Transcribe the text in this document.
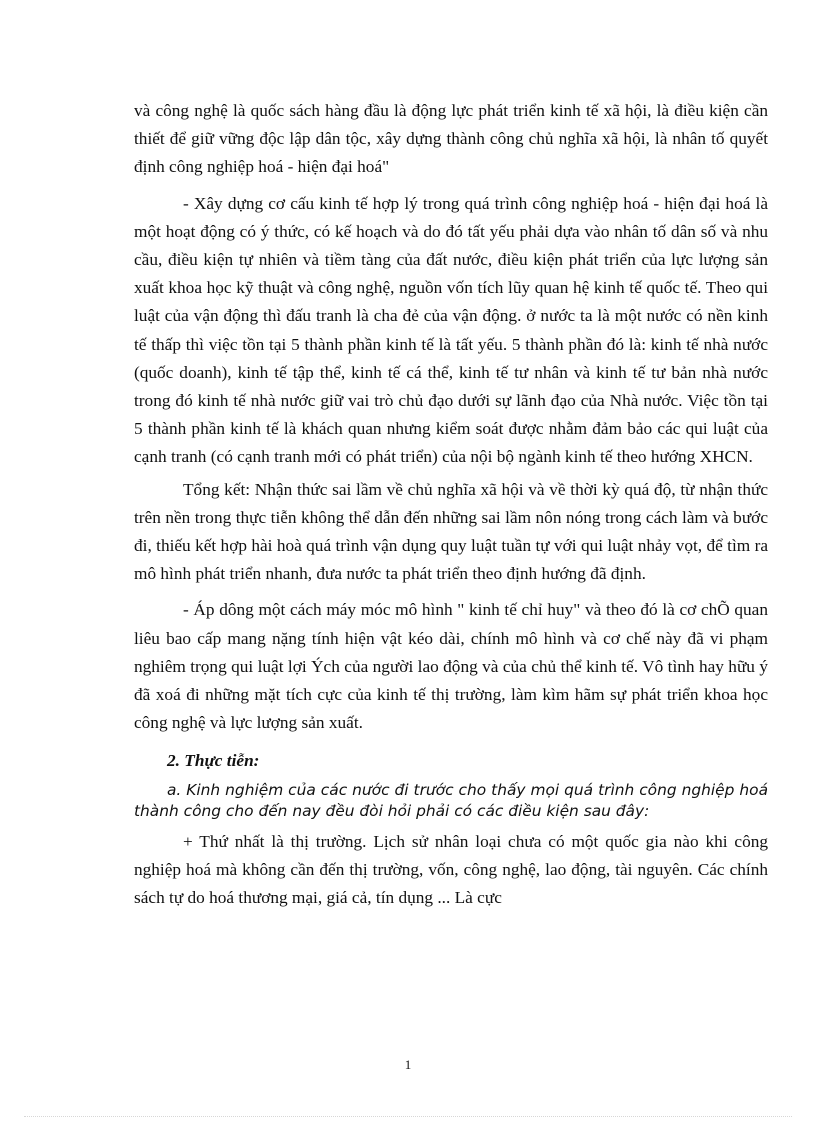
và công nghệ là quốc sách hàng đầu là động lực phát triển kinh tế xã hội, là điều kiện cần thiết để giữ vững độc lập dân tộc, xây dựng thành công chủ nghĩa xã hội, là nhân tố quyết định công nghiệp hoá - hiện đại hoá"

- Xây dựng cơ cấu kinh tế hợp lý trong quá trình công nghiệp hoá - hiện đại hoá là một hoạt động có ý thức, có kế hoạch và do đó tất yếu phải dựa vào nhân tố dân số và nhu cầu, điều kiện tự nhiên và tiềm tàng của đất nước, điều kiện phát triển của lực lượng sản xuất khoa học kỹ thuật và công nghệ, nguồn vốn tích lũy quan hệ kinh tế quốc tế. Theo qui luật của vận động thì đấu tranh là cha đẻ của vận động. ở nước ta là một nước có nền kinh tế thấp thì việc tồn tại 5 thành phần kinh tế là tất yếu. 5 thành phần đó là: kinh tế nhà nước (quốc doanh), kinh tế tập thể, kinh tế cá thể, kinh tế tư nhân và kinh tế tư bản nhà nước trong đó kinh tế nhà nước giữ vai trò chủ đạo dưới sự lãnh đạo của Nhà nước. Việc tồn tại 5 thành phần kinh tế là khách quan nhưng kiểm soát được nhằm đảm bảo các qui luật của cạnh tranh (có cạnh tranh mới có phát triển) của nội bộ ngành kinh tế theo hướng XHCN.

Tổng kết: Nhận thức sai lầm về chủ nghĩa xã hội và về thời kỳ quá độ, từ nhận thức trên nền trong thực tiễn không thể dẫn đến những sai lầm nôn nóng trong cách làm và bước đi, thiếu kết hợp hài hoà quá trình vận dụng quy luật tuần tự với qui luật nhảy vọt, để tìm ra mô hình phát triển nhanh, đưa nước ta phát triển theo định hướng đã định.

- Áp dông một cách máy móc mô hình " kinh tế chỉ huy" và theo đó là cơ chÕ quan liêu bao cấp mang nặng tính hiện vật kéo dài, chính mô hình và cơ chế này đã vi phạm nghiêm trọng qui luật lợi Ých của người lao động và của chủ thể kinh tế. Vô tình hay hữu ý đã xoá đi những mặt tích cực của kinh tế thị trường, làm kìm hãm sự phát triển khoa học công nghệ và lực lượng sản xuất.

2. Thực tiễn:

a. Kinh nghiệm của các nước đi trước cho thấy mọi quá trình công nghiệp hoá thành công cho đến nay đều đòi hỏi phải có các điều kiện sau đây:

+ Thứ nhất là thị trường. Lịch sử nhân loại chưa có một quốc gia nào khi công nghiệp hoá mà không cần đến thị trường, vốn, công nghệ, lao động, tài nguyên. Các chính sách tự do hoá thương mại, giá cả, tín dụng ... Là cực

1
